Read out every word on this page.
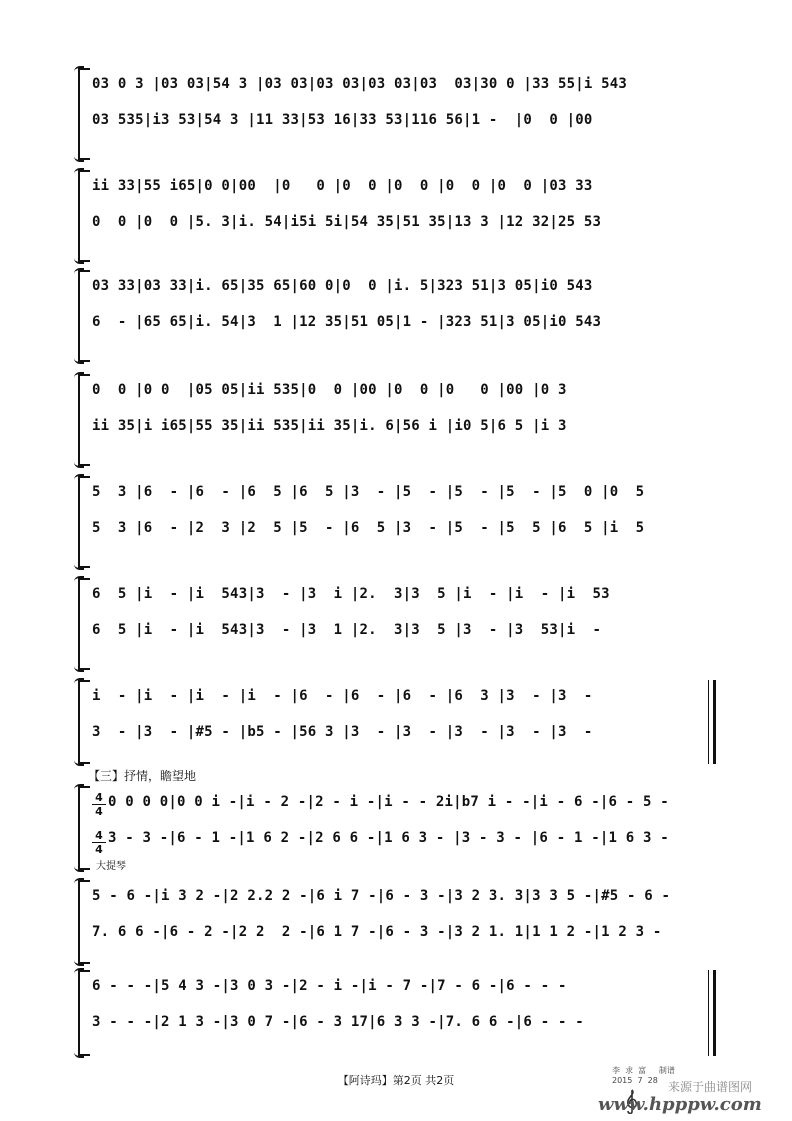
03 0 3 |03 03|54 3 |03 03|03 03|03 03|03  03|30 0 |33 55|i 543
03 535|i3 53|54 3 |11 33|53 16|33 53|116 56|1 -  |0  0 |00
ii 33|55 i65|0 0|00  |0   0 |0  0 |0  0 |0  0 |0  0 |03 33
0  0 |0  0 |5. 3|i. 54|i5i 5i|54 35|51 35|13 3 |12 32|25 53
03 33|03 33|i. 65|35 65|60 0|0  0 |i. 5|323 51|3 05|i0 543
6  - |65 65|i. 54|3  1 |12 35|51 05|1 - |323 51|3 05|i0 543
0  0 |0 0  |05 05|ii 535|0  0 |00 |0  0 |0   0 |00 |0 3
ii 35|i i65|55 35|ii 535|ii 35|i. 6|56 i |i0 5|6 5 |i 3
5  3 |6  - |6  - |6  5 |6  5 |3  - |5  - |5  - |5  - |5  0 |0  5
5  3 |6  - |2  3 |2  5 |5  - |6  5 |3  - |5  - |5  5 |6  5 |i  5
6  5 |i  - |i  543|3  - |3  i |2.  3|3  5 |i  - |i  - |i  53
6  5 |i  - |i  543|3  - |3  1 |2.  3|3  5 |3  - |3  53|i  -
i  - |i  - |i  - |i  - |6  - |6  - |6  - |6  3 |3  - |3  -
3  - |3  - |#5 - |b5 - |56 3 |3  - |3  - |3  - |3  - |3  -
【三】抒情，瞻望地
0 0 0 0|0 0 i -|i - 2 -|2 - i -|i - - 2i|b7 i - -|i - 6 -|6 - 5 -
3 - 3 -|6 - 1 -|1 6 2 -|2 6 6 -|1 6 3 - |3 - 3 - |6 - 1 -|1 6 3 -
4
4
4
4
大提琴
5 - 6 -|i 3 2 -|2 2.2 2 -|6 i 7 -|6 - 3 -|3 2 3. 3|3 3 5 -|#5 - 6 -
7. 6 6 -|6 - 2 -|2 2  2 -|6 1 7 -|6 - 3 -|3 2 1. 1|1 1 2 -|1 2 3 -
6 - - -|5 4 3 -|3 0 3 -|2 - i -|i - 7 -|7 - 6 -|6 - - -
3 - - -|2 1 3 -|3 0 7 -|6 - 3 17|6 3 3 -|7. 6 6 -|6 - - -
【阿诗玛】第2页 共2页
李  求  富     制谱
2015  7  28 来源于曲谱图网
www.hpppw.com
